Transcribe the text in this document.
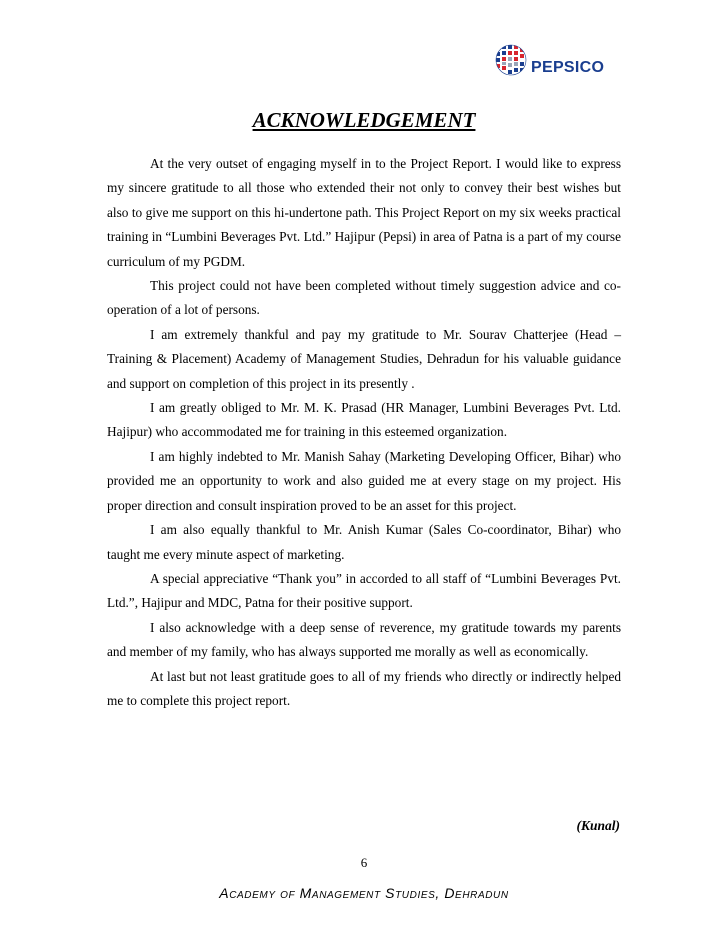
PEPSICO
ACKNOWLEDGEMENT

At the very outset of engaging myself in to the Project Report. I would like to express my sincere gratitude to all those who extended their not only to convey their best wishes but also to give me support on this hi-undertone path. This Project Report on my six weeks practical training in “Lumbini Beverages Pvt. Ltd.” Hajipur (Pepsi) in area of Patna is a part of my course curriculum of my PGDM.

This project could not have been completed without timely suggestion advice and co-operation of a lot of persons.

I am extremely thankful and pay my gratitude to Mr. Sourav Chatterjee (Head – Training & Placement) Academy of Management Studies, Dehradun for his valuable guidance and support on completion of this project in its presently .

I am greatly obliged to Mr. M. K. Prasad (HR Manager, Lumbini Beverages Pvt. Ltd. Hajipur) who accommodated me for training in this esteemed organization.

I am highly indebted to Mr. Manish Sahay (Marketing Developing Officer, Bihar) who provided me an opportunity to work and also guided me at every stage on my project. His proper direction and consult inspiration proved to be an asset for this project.

I am also equally thankful to Mr. Anish Kumar (Sales Co-coordinator, Bihar) who taught me every minute aspect of marketing.

A special appreciative “Thank you” in accorded to all staff of “Lumbini Beverages Pvt. Ltd.”, Hajipur and MDC, Patna for their positive support.

I also acknowledge with a deep sense of reverence, my gratitude towards my parents and member of my family, who has always supported me morally as well as economically.

At last but not least gratitude goes to all of my friends who directly or indirectly helped me to complete this project report.

(Kunal)
6
Academy of Management Studies, Dehradun
